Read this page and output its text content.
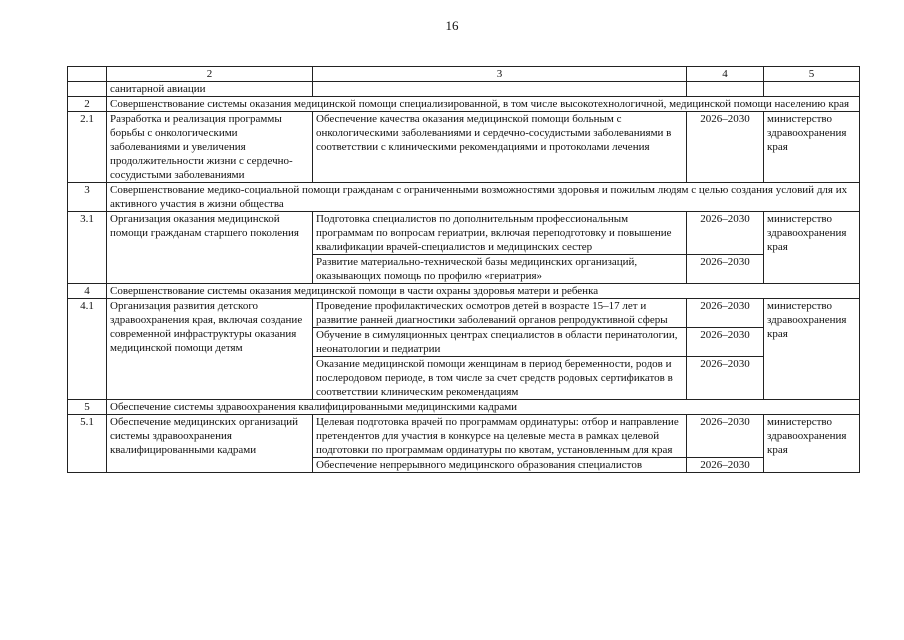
16
	2	3	4	5
	санитарной авиации			
2	Совершенствование системы оказания медицинской помощи специализированной, в том числе высокотехнологичной, медицинской помощи населению края			
2.1	Разработка и реализация программы борьбы с онкологическими заболеваниями и увеличения продолжительности жизни с сердечно-сосудистыми заболеваниями	Обеспечение качества оказания медицинской помощи больным с онкологическими заболеваниями и сердечно-сосудистыми заболеваниями в соответствии с клиническими рекомендациями и протоколами лечения	2026–2030	министерство здравоохранения края
3	Совершенствование медико-социальной помощи гражданам с ограниченными возможностями здоровья и пожилым людям с целью создания условий для их активного участия в жизни общества			
3.1	Организация оказания медицинской помощи гражданам старшего поколения	Подготовка специалистов по дополнительным профессиональным программам по вопросам гериатрии, включая переподготовку и повышение квалификации врачей-специалистов и медицинских сестер	2026–2030	министерство здравоохранения края
		Развитие материально-технической базы медицинских организаций, оказывающих помощь по профилю «гериатрия»	2026–2030	
4	Совершенствование системы оказания медицинской помощи в части охраны здоровья матери и ребенка			
4.1	Организация развития детского здравоохранения края, включая создание современной инфраструктуры оказания медицинской помощи детям	Проведение профилактических осмотров детей в возрасте 15–17 лет и развитие ранней диагностики заболеваний органов репродуктивной сферы	2026–2030	министерство здравоохранения края
		Обучение в симуляционных центрах специалистов в области перинатологии, неонатологии и педиатрии	2026–2030	
		Оказание медицинской помощи женщинам в период беременности, родов и послеродовом периоде, в том числе за счет средств родовых сертификатов в соответствии клиническим рекомендациям	2026–2030	
5	Обеспечение системы здравоохранения квалифицированными медицинскими кадрами			
5.1	Обеспечение медицинских организаций системы здравоохранения квалифицированными кадрами	Целевая подготовка врачей по программам ординатуры: отбор и направление претендентов для участия в конкурсе на целевые места в рамках целевой подготовки по программам ординатуры по квотам, установленным для края	2026–2030	министерство здравоохранения края
		Обеспечение непрерывного медицинского образования специалистов	2026–2030	
